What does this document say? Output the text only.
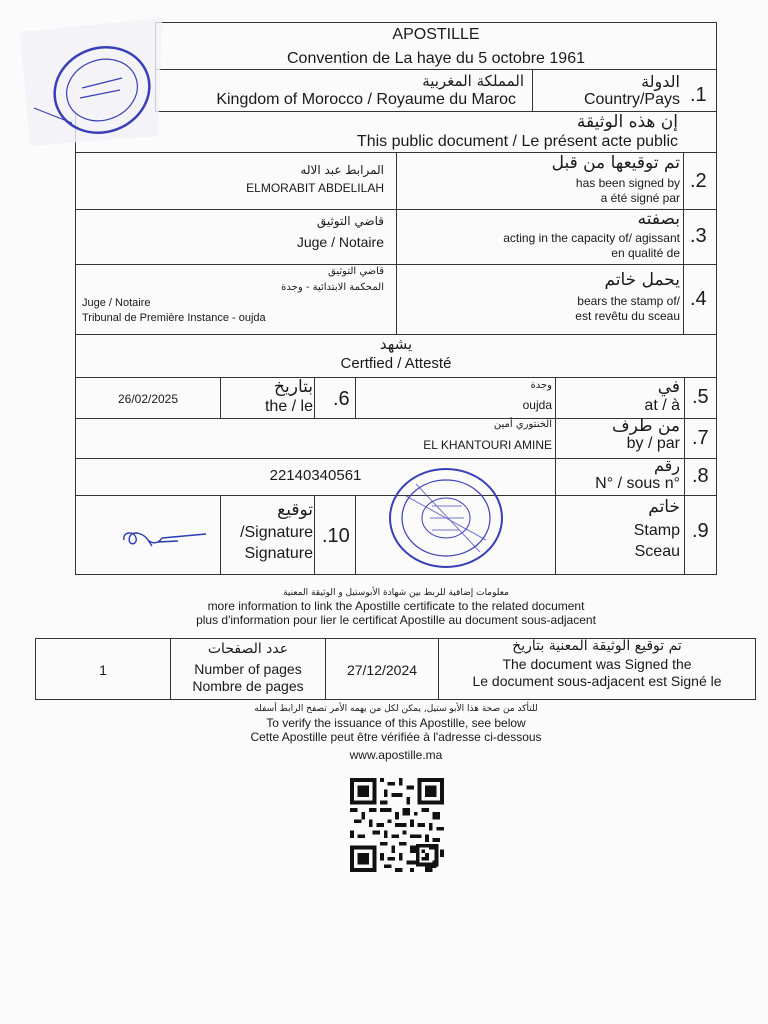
APOSTILLE
Convention de La haye du 5 octobre 1961
المملكة المغربية
Kingdom of Morocco / Royaume du Maroc
الدولة
Country/Pays .1
إن هذه الوثيقة
This public document / Le présent acte public
المرابط عبد الاله
ELMORABIT ABDELILAH
تم توقيعها من قبل
has been signed by
a été signé par
.2
قاضي التوثيق
Juge / Notaire
بصفته
acting in the capacity of/ agissant
en qualité de
.3
قاضي التوثيق
المحكمة الابتدائية - وجدة
Juge / Notaire
Tribunal de Première Instance - oujda
يحمل خاتم
bears the stamp of/
est revêtu du sceau
.4
يشهد
Certfied / Attesté
26/02/2025
بتاريخ
the / le .6
وجدة
oujda
في
at / à .5
الخنتوري أمين
EL KHANTOURI AMINE
من طرف
by / par .7
22140340561
رقم
N° / sous n° .8
توقيع
/Signature
Signature
.10
خاتم
Stamp
Sceau
.9
معلومات إضافية للربط بين شهادة الأبوستيل و الوثيقة المعنية
more information to link the Apostille certificate to the related document
plus d'information pour lier le certificat Apostille au document sous-adjacent
1
عدد الصفحات
Number of pages
Nombre de pages
27/12/2024
تم توقيع الوثيقة المعنية بتاريخ
The document was Signed the
Le document sous-adjacent est Signé le
للتأكد من صحة هذا الأبو ستيل, يمكن لكل من يهمه الأمر تصفح الرابط أسفله
To verify the issuance of this Apostille, see below
Cette Apostille peut être vérifiée à l'adresse ci-dessous
www.apostille.ma
